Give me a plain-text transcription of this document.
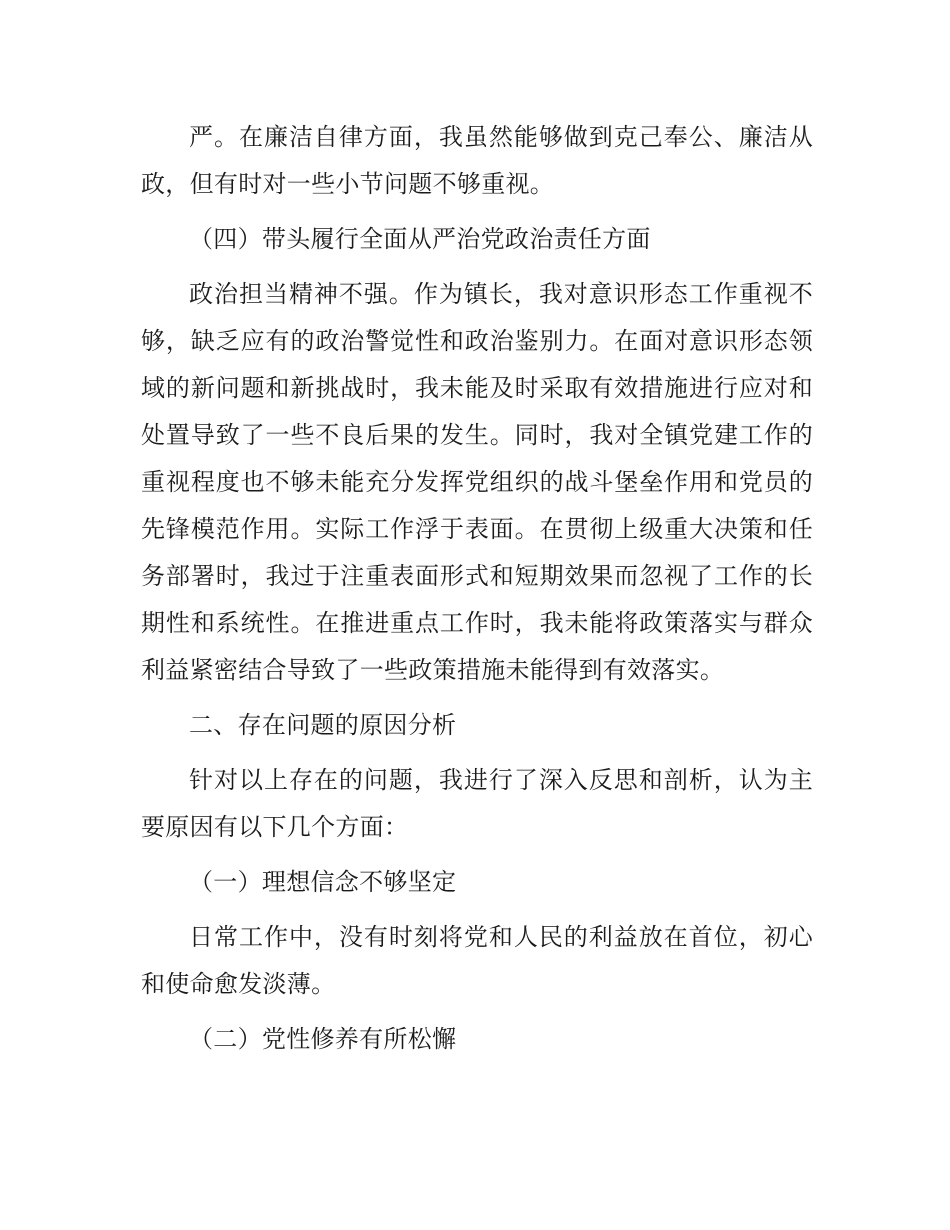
严。在廉洁自律方面，我虽然能够做到克己奉公、廉洁从政，但有时对一些小节问题不够重视。

（四）带头履行全面从严治党政治责任方面

政治担当精神不强。作为镇长，我对意识形态工作重视不够，缺乏应有的政治警觉性和政治鉴别力。在面对意识形态领域的新问题和新挑战时，我未能及时采取有效措施进行应对和处置导致了一些不良后果的发生。同时，我对全镇党建工作的重视程度也不够未能充分发挥党组织的战斗堡垒作用和党员的先锋模范作用。实际工作浮于表面。在贯彻上级重大决策和任务部署时，我过于注重表面形式和短期效果而忽视了工作的长期性和系统性。在推进重点工作时，我未能将政策落实与群众利益紧密结合导致了一些政策措施未能得到有效落实。

二、存在问题的原因分析

针对以上存在的问题，我进行了深入反思和剖析，认为主要原因有以下几个方面：

（一）理想信念不够坚定

日常工作中，没有时刻将党和人民的利益放在首位，初心和使命愈发淡薄。

（二）党性修养有所松懈
